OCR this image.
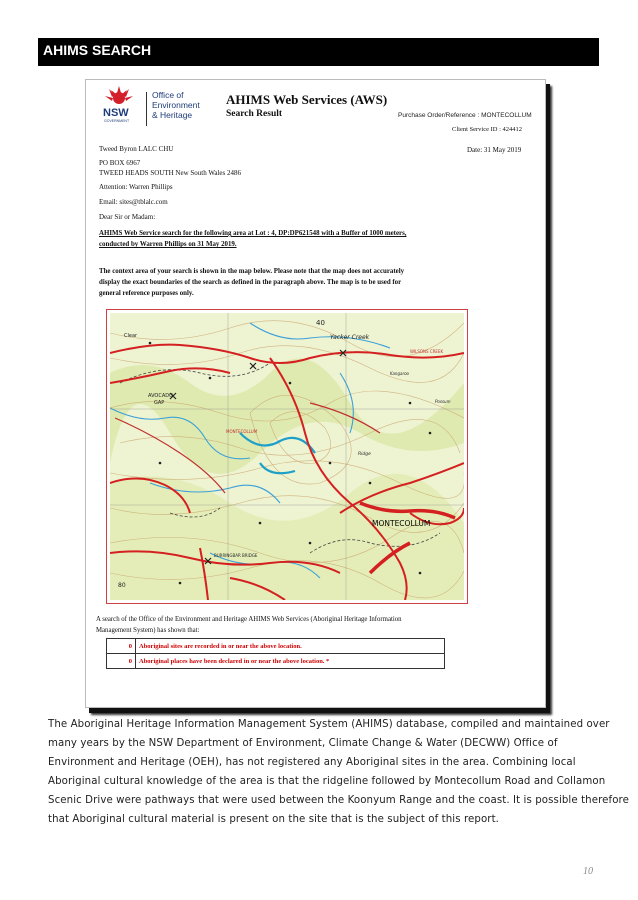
AHIMS SEARCH
NSW
GOVERNMENT
Office of
Environment
& Heritage
AHIMS Web Services (AWS)
Search Result	Purchase Order/Reference : MONTECOLLUM
Client Service ID : 424412
Tweed Byron LALC CHU	Date: 31 May 2019
PO BOX 6967
TWEED HEADS SOUTH New South Wales 2486
Attention: Warren Phillips
Email: sites@tblalc.com
Dear Sir or Madam:
AHIMS Web Service search for the following area at Lot : 4, DP:DP621548 with a Buffer of 1000 meters,
conducted by Warren Phillips on 31 May 2019.
The context area of your search is shown in the map below. Please note that the map does not accurately
display the exact boundaries of the search as defined in the paragraph above. The map is to be used for
general reference purposes only.
40
Yacker Creek
AVOCADO
GAP
MONTECOLLUM
BURRINGBAR BRIDGE
MONTECOLLUM
WILSONS CREEK
Ridge
Clear
Kangaroo
Possum
80
A search of the Office of the Environment and Heritage AHIMS Web Services (Aboriginal Heritage Information
Management System) has shown that:
0	Aboriginal sites are recorded in or near the above location.
0	Aboriginal places have been declared in or near the above location. *
The Aboriginal Heritage Information Management System (AHIMS) database, compiled and maintained over
many years by the NSW Department of Environment, Climate Change & Water (DECWW) Office of
Environment and Heritage (OEH), has not registered any Aboriginal sites in the area. Combining local
Aboriginal cultural knowledge of the area is that the ridgeline followed by Montecollum Road and Collamon
Scenic Drive were pathways that were used between the Koonyum Range and the coast. It is possible therefore
that Aboriginal cultural material is present on the site that is the subject of this report.
10
